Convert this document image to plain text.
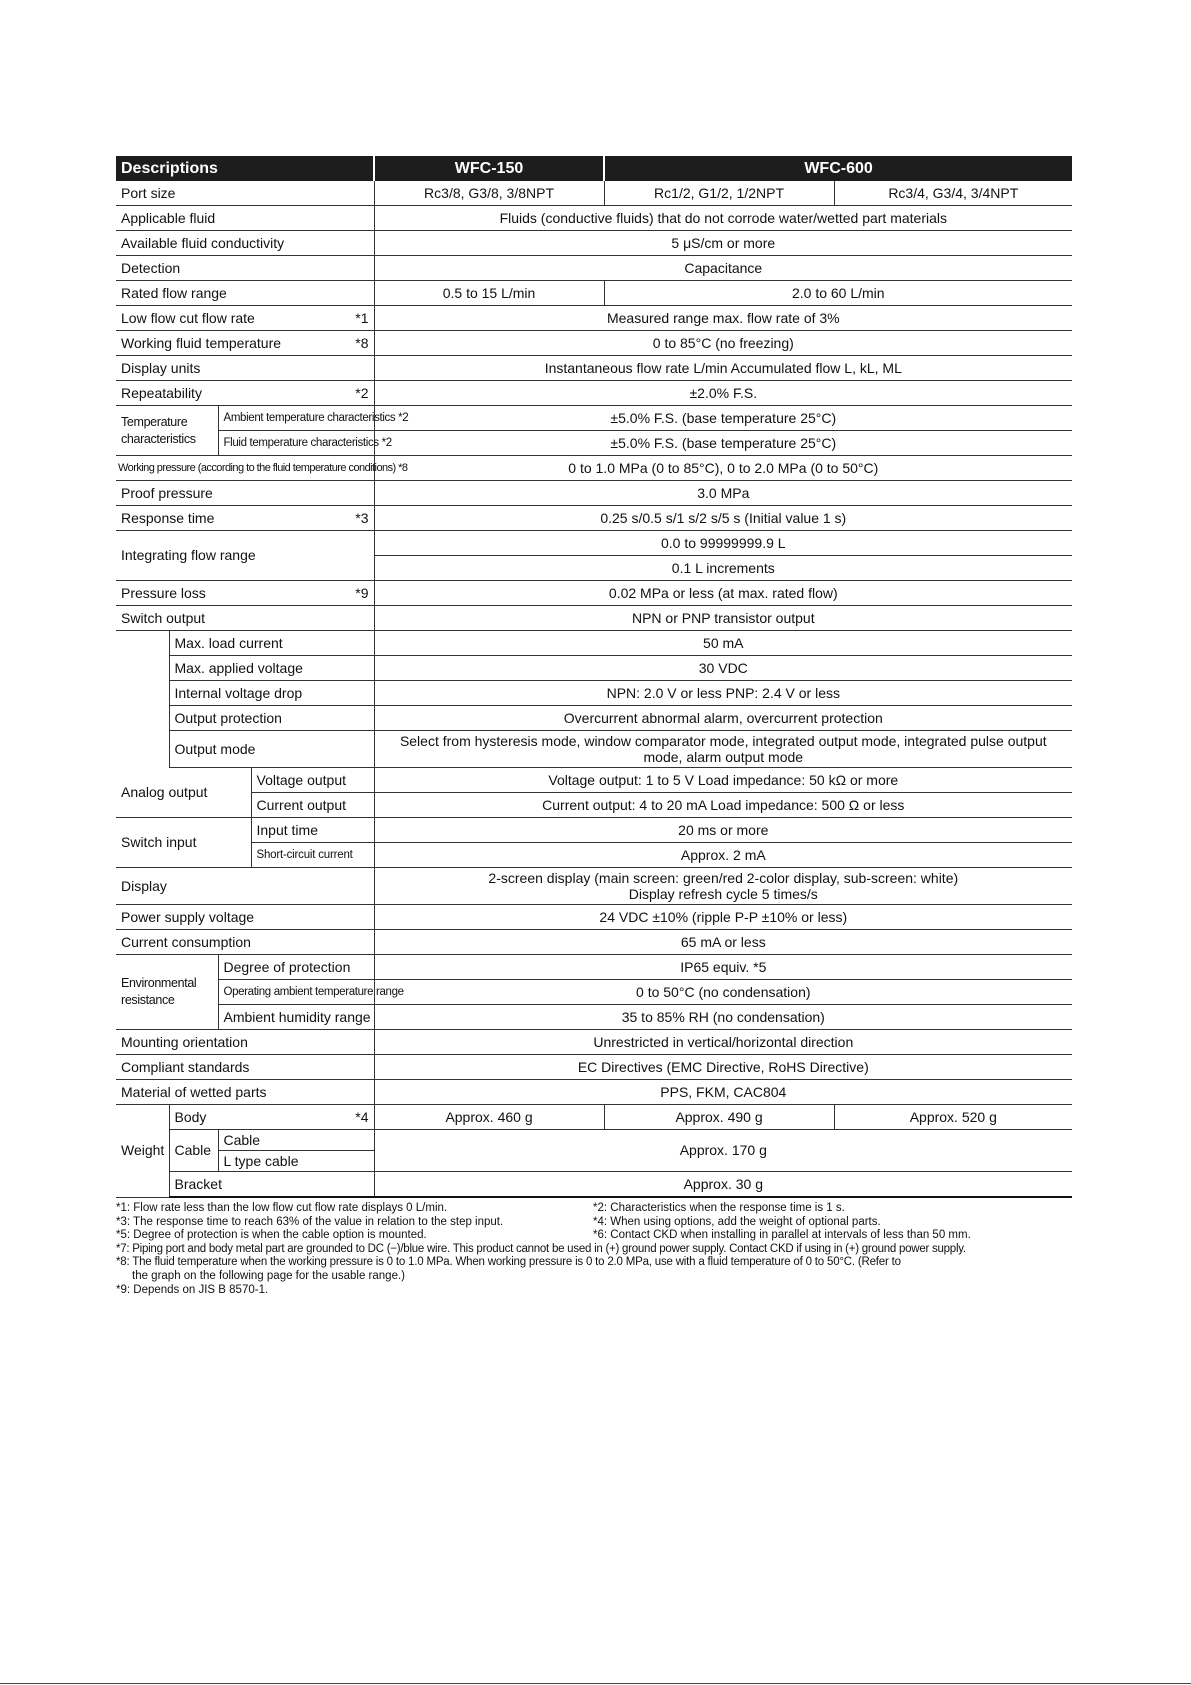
Descriptions				WFC-150	WFC-600	
Port size				Rc3/8, G3/8, 3/8NPT	Rc1/2, G1/2, 1/2NPT	Rc3/4, G3/4, 3/4NPT
Applicable fluid				Fluids (conductive fluids) that do not corrode water/wetted part materials		
Available fluid conductivity				5 μS/cm or more		
Detection				Capacitance		
Rated flow range				0.5 to 15 L/min	2.0 to 60 L/min	
Low flow cut flow rate *1				Measured range max. flow rate of 3%		
Working fluid temperature *8				0 to 85°C (no freezing)		
Display units				Instantaneous flow rate L/min Accumulated flow L, kL, ML		
Repeatability *2				±2.0% F.S.		

Temperature
characteristics		Ambient temperature characteristics *2		±5.0% F.S. (base temperature 25°C)		
		Fluid temperature characteristics *2		±5.0% F.S. (base temperature 25°C)		
Working pressure (according to the fluid temperature conditions) *8				0 to 1.0 MPa (0 to 85°C), 0 to 2.0 MPa (0 to 50°C)		
Proof pressure				3.0 MPa		
Response time *3				0.25 s/0.5 s/1 s/2 s/5 s (Initial value 1 s)		
Integrating flow range				0.0 to 99999999.9 L		
				0.1 L increments		
Pressure loss *9				0.02 MPa or less (at max. rated flow)		
Switch output				NPN or PNP transistor output		
	Max. load current			50 mA		
	Max. applied voltage			30 VDC		
	Internal voltage drop			NPN: 2.0 V or less PNP: 2.4 V or less		
	Output protection			Overcurrent abnormal alarm, overcurrent protection		
	Output mode			Select from hysteresis mode, window comparator mode, integrated output mode, integrated pulse output mode, alarm output mode		
Analog output			Voltage output	Voltage output: 1 to 5 V Load impedance: 50 kΩ or more		
			Current output	Current output: 4 to 20 mA Load impedance: 500 Ω or less		
Switch input			Input time	20 ms or more		
			Short-circuit current	Approx. 2 mA		
Display				2-screen display (main screen: green/red 2-color display, sub-screen: white)
Display refresh cycle 5 times/s		

Power supply voltage				24 VDC ±10% (ripple P-P ±10% or less)		
Current consumption				65 mA or less		

Environmental
resistance		Degree of protection		IP65 equiv. *5		
		Operating ambient temperature range		0 to 50°C (no condensation)		
		Ambient humidity range		35 to 85% RH (no condensation)		
Mounting orientation				Unrestricted in vertical/horizontal direction		
Compliant standards				EC Directives (EMC Directive, RoHS Directive)		
Material of wetted parts				PPS, FKM, CAC804		
Weight	Body *4			Approx. 460 g	Approx. 490 g	Approx. 520 g
	Cable	Cable		Approx. 170 g		
		L type cable				
	Bracket			Approx. 30 g		
*1: Flow rate less than the low flow cut flow rate displays 0 L/min.	*2: Characteristics when the response time is 1 s.
*3: The response time to reach 63% of the value in relation to the step input.	*4: When using options, add the weight of optional parts.
*5: Degree of protection is when the cable option is mounted.	*6: Contact CKD when installing in parallel at intervals of less than 50 mm.
*7: Piping port and body metal part are grounded to DC (−)/blue wire. This product cannot be used in (+) ground power supply. Contact CKD if using in (+) ground power supply.
*8: The fluid temperature when the working pressure is 0 to 1.0 MPa. When working pressure is 0 to 2.0 MPa, use with a fluid temperature of 0 to 50°C. (Refer to
the graph on the following page for the usable range.)
*9: Depends on JIS B 8570-1.
